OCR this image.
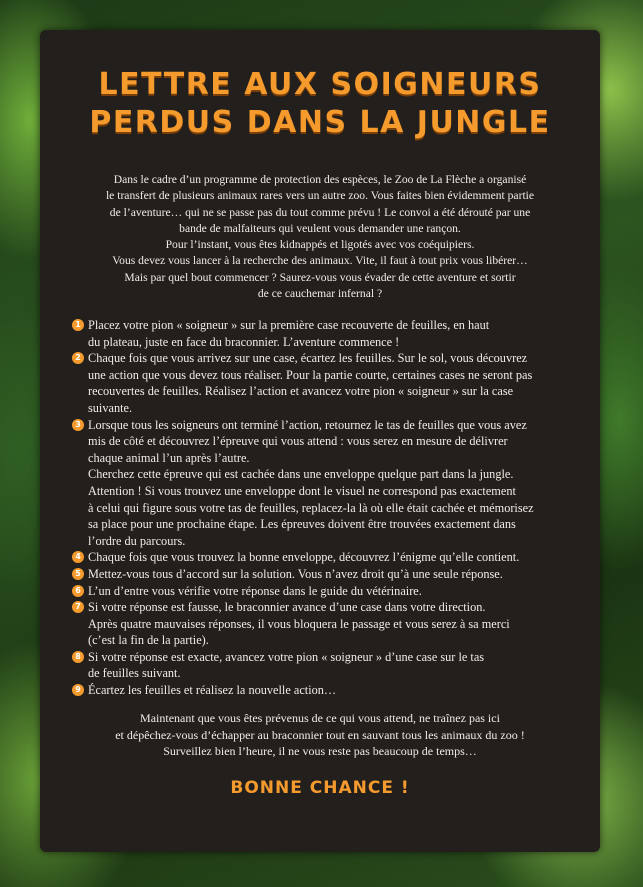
LETTRE AUX SOIGNEURS
PERDUS DANS LA JUNGLE
Dans le cadre d’un programme de protection des espèces, le Zoo de La Flèche a organisé
le transfert de plusieurs animaux rares vers un autre zoo. Vous faites bien évidemment partie
de l’aventure… qui ne se passe pas du tout comme prévu ! Le convoi a été dérouté par une
bande de malfaiteurs qui veulent vous demander une rançon.
Pour l’instant, vous êtes kidnappés et ligotés avec vos coéquipiers.
Vous devez vous lancer à la recherche des animaux. Vite, il faut à tout prix vous libérer…
Mais par quel bout commencer ? Saurez-vous vous évader de cette aventure et sortir
de ce cauchemar infernal ?
1 Placez votre pion « soigneur » sur la première case recouverte de feuilles, en haut
du plateau, juste en face du braconnier. L’aventure commence !
2 Chaque fois que vous arrivez sur une case, écartez les feuilles. Sur le sol, vous découvrez
une action que vous devez tous réaliser. Pour la partie courte, certaines cases ne seront pas
recouvertes de feuilles. Réalisez l’action et avancez votre pion « soigneur » sur la case
suivante.
3 Lorsque tous les soigneurs ont terminé l’action, retournez le tas de feuilles que vous avez
mis de côté et découvrez l’épreuve qui vous attend : vous serez en mesure de délivrer
chaque animal l’un après l’autre.
Cherchez cette épreuve qui est cachée dans une enveloppe quelque part dans la jungle.
Attention ! Si vous trouvez une enveloppe dont le visuel ne correspond pas exactement
à celui qui figure sous votre tas de feuilles, replacez-la là où elle était cachée et mémorisez
sa place pour une prochaine étape. Les épreuves doivent être trouvées exactement dans
l’ordre du parcours.
4 Chaque fois que vous trouvez la bonne enveloppe, découvrez l’énigme qu’elle contient.
5 Mettez-vous tous d’accord sur la solution. Vous n’avez droit qu’à une seule réponse.
6 L’un d’entre vous vérifie votre réponse dans le guide du vétérinaire.
7 Si votre réponse est fausse, le braconnier avance d’une case dans votre direction.
Après quatre mauvaises réponses, il vous bloquera le passage et vous serez à sa merci
(c’est la fin de la partie).
8 Si votre réponse est exacte, avancez votre pion « soigneur » d’une case sur le tas
de feuilles suivant.
9 Écartez les feuilles et réalisez la nouvelle action…
Maintenant que vous êtes prévenus de ce qui vous attend, ne traînez pas ici
et dépêchez-vous d’échapper au braconnier tout en sauvant tous les animaux du zoo !
Surveillez bien l’heure, il ne vous reste pas beaucoup de temps…
BONNE CHANCE !
